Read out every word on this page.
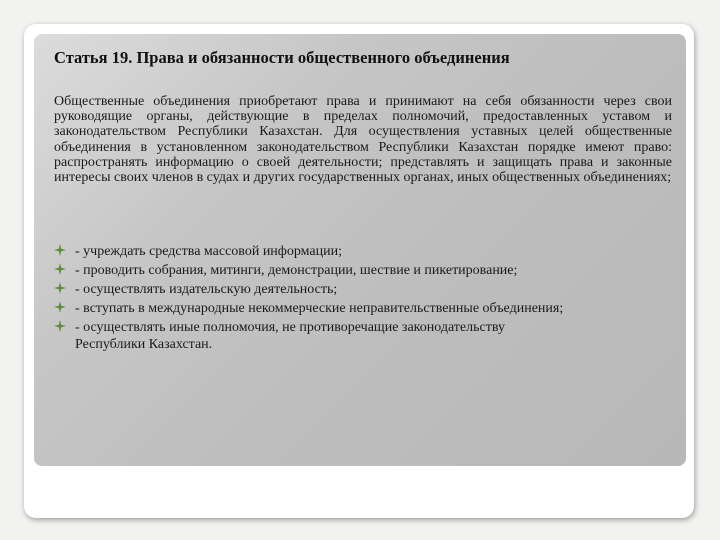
Статья 19. Права и обязанности общественного объединения

Общественные объединения приобретают права и принимают на себя обязанности через свои руководящие органы, действующие в пределах полномочий, предоставленных уставом и законодательством Республики Казахстан. Для осуществления уставных целей общественные объединения в установленном законодательством Республики Казахстан порядке имеют право: распространять информацию о своей деятельности; представлять и защищать права и законные интересы своих членов в судах и других государственных органах, иных общественных объединениях;

- учреждать средства массовой информации;
- проводить собрания, митинги, демонстрации, шествие и пикетирование;
- осуществлять издательскую деятельность;
- вступать в международные некоммерческие неправительственные объединения;
- осуществлять иные полномочия, не противоречащие законодательству
Республики Казахстан.
